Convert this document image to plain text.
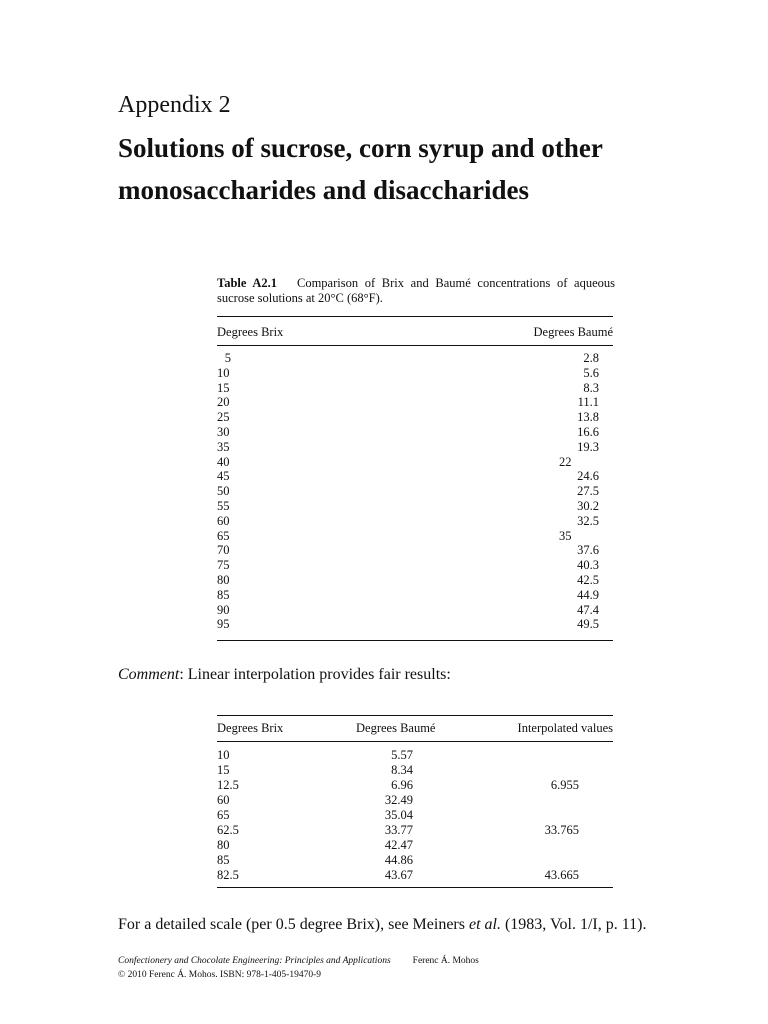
Appendix 2
Solutions of sucrose, corn syrup and other
monosaccharides and disaccharides
Table A2.1 Comparison of Brix and Baumé concentrations of aqueous sucrose solutions at 20°C (68°F).
Degrees Brix	Degrees Baumé
5	2.8
10	5.6
15	8.3
20	11.1
25	13.8
30	16.6
35	19.3
40	22
45	24.6
50	27.5
55	30.2
60	32.5
65	35
70	37.6
75	40.3
80	42.5
85	44.9
90	47.4
95	49.5
Comment: Linear interpolation provides fair results:
Degrees Brix	Degrees Baumé	Interpolated values
10	5.57
15	8.34
12.5	6.96	6.955
60	32.49
65	35.04
62.5	33.77	33.765
80	42.47
85	44.86
82.5	43.67	43.665
For a detailed scale (per 0.5 degree Brix), see Meiners et al. (1983, Vol. 1/I, p. 11).
Confectionery and Chocolate Engineering: Principles and Applications Ferenc Á. Mohos
© 2010 Ferenc Á. Mohos. ISBN: 978-1-405-19470-9
